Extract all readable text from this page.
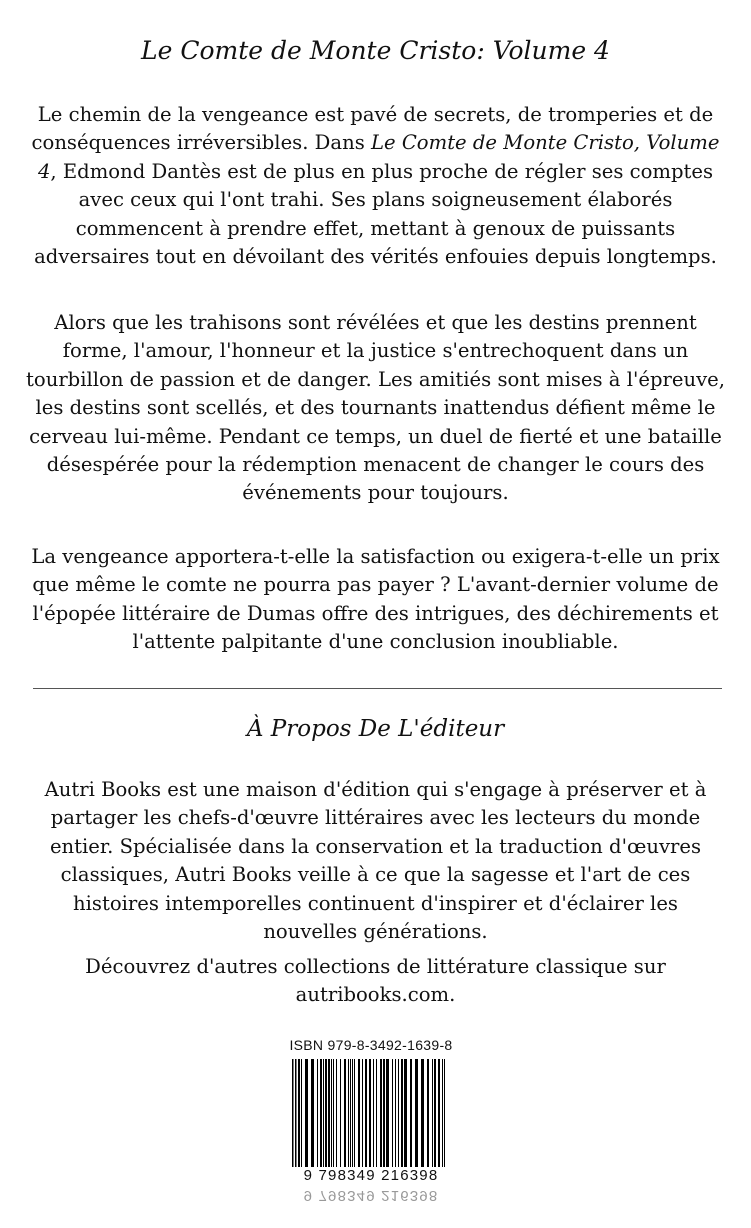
Le Comte de Monte Cristo: Volume 4

Le chemin de la vengeance est pavé de secrets, de tromperies et de conséquences irréversibles. Dans Le Comte de Monte Cristo, Volume 4, Edmond Dantès est de plus en plus proche de régler ses comptes avec ceux qui l'ont trahi. Ses plans soigneusement élaborés commencent à prendre effet, mettant à genoux de puissants adversaires tout en dévoilant des vérités enfouies depuis longtemps.

Alors que les trahisons sont révélées et que les destins prennent forme, l'amour, l'honneur et la justice s'entrechoquent dans un tourbillon de passion et de danger. Les amitiés sont mises à l'épreuve, les destins sont scellés, et des tournants inattendus défient même le cerveau lui-même. Pendant ce temps, un duel de fierté et une bataille désespérée pour la rédemption menacent de changer le cours des événements pour toujours.

La vengeance apportera-t-elle la satisfaction ou exigera-t-elle un prix que même le comte ne pourra pas payer ? L'avant-dernier volume de l'épopée littéraire de Dumas offre des intrigues, des déchirements et l'attente palpitante d'une conclusion inoubliable.

À Propos De L'éditeur

Autri Books est une maison d'édition qui s'engage à préserver et à partager les chefs-d'œuvre littéraires avec les lecteurs du monde entier. Spécialisée dans la conservation et la traduction d'œuvres classiques, Autri Books veille à ce que la sagesse et l'art de ces histoires intemporelles continuent d'inspirer et d'éclairer les nouvelles générations.

Découvrez d'autres collections de littérature classique sur autribooks.com.

ISBN 979-8-3492-1639-8
9 798349 216398
9 798349 216398
